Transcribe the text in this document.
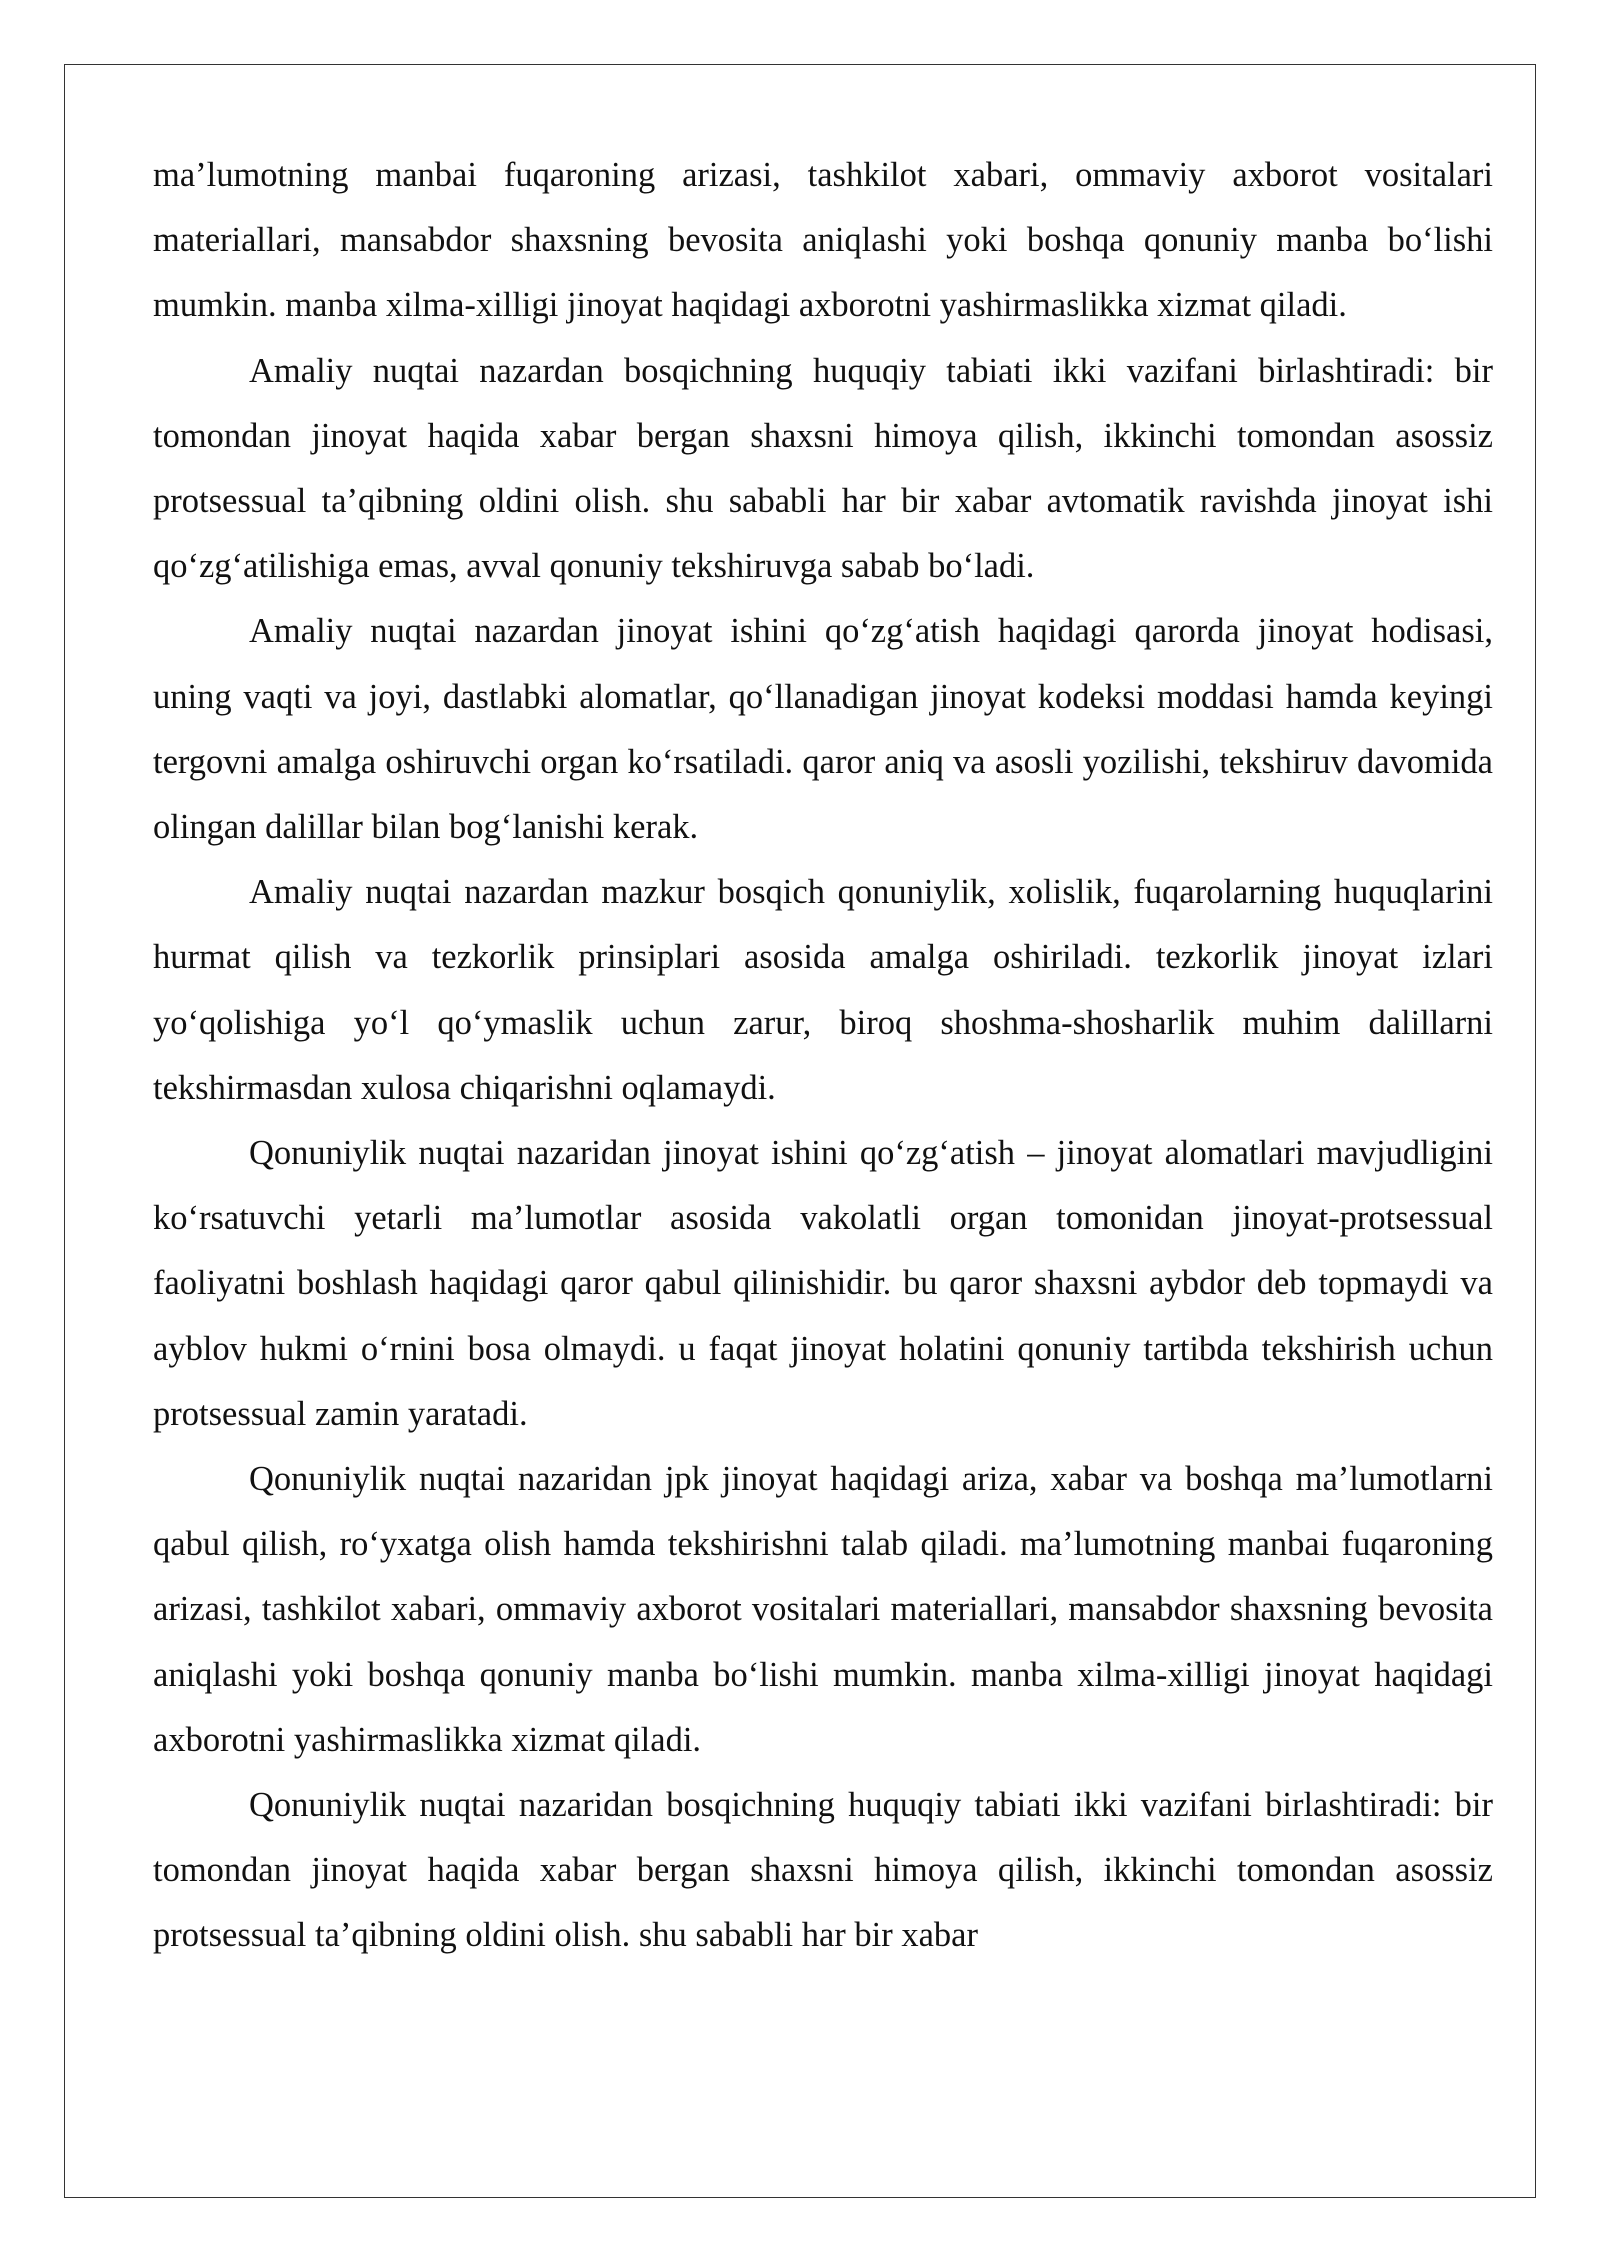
ma’lumotning manbai fuqaroning arizasi, tashkilot xabari, ommaviy axborot vositalari materiallari, mansabdor shaxsning bevosita aniqlashi yoki boshqa qonuniy manba bo‘lishi mumkin. manba xilma-xilligi jinoyat haqidagi axborotni yashirmaslikka xizmat qiladi.

Amaliy nuqtai nazardan bosqichning huquqiy tabiati ikki vazifani birlashtiradi: bir tomondan jinoyat haqida xabar bergan shaxsni himoya qilish, ikkinchi tomondan asossiz protsessual ta’qibning oldini olish. shu sababli har bir xabar avtomatik ravishda jinoyat ishi qo‘zg‘atilishiga emas, avval qonuniy tekshiruvga sabab bo‘ladi.

Amaliy nuqtai nazardan jinoyat ishini qo‘zg‘atish haqidagi qarorda jinoyat hodisasi, uning vaqti va joyi, dastlabki alomatlar, qo‘llanadigan jinoyat kodeksi moddasi hamda keyingi tergovni amalga oshiruvchi organ ko‘rsatiladi. qaror aniq va asosli yozilishi, tekshiruv davomida olingan dalillar bilan bog‘lanishi kerak.

Amaliy nuqtai nazardan mazkur bosqich qonuniylik, xolislik, fuqarolarning huquqlarini hurmat qilish va tezkorlik prinsiplari asosida amalga oshiriladi. tezkorlik jinoyat izlari yo‘qolishiga yo‘l qo‘ymaslik uchun zarur, biroq shoshma-shosharlik muhim dalillarni tekshirmasdan xulosa chiqarishni oqlamaydi.

Qonuniylik nuqtai nazaridan jinoyat ishini qo‘zg‘atish – jinoyat alomatlari mavjudligini ko‘rsatuvchi yetarli ma’lumotlar asosida vakolatli organ tomonidan jinoyat-protsessual faoliyatni boshlash haqidagi qaror qabul qilinishidir. bu qaror shaxsni aybdor deb topmaydi va ayblov hukmi o‘rnini bosa olmaydi. u faqat jinoyat holatini qonuniy tartibda tekshirish uchun protsessual zamin yaratadi.

Qonuniylik nuqtai nazaridan jpk jinoyat haqidagi ariza, xabar va boshqa ma’lumotlarni qabul qilish, ro‘yxatga olish hamda tekshirishni talab qiladi. ma’lumotning manbai fuqaroning arizasi, tashkilot xabari, ommaviy axborot vositalari materiallari, mansabdor shaxsning bevosita aniqlashi yoki boshqa qonuniy manba bo‘lishi mumkin. manba xilma-xilligi jinoyat haqidagi axborotni yashirmaslikka xizmat qiladi.

Qonuniylik nuqtai nazaridan bosqichning huquqiy tabiati ikki vazifani birlashtiradi: bir tomondan jinoyat haqida xabar bergan shaxsni himoya qilish, ikkinchi tomondan asossiz protsessual ta’qibning oldini olish. shu sababli har bir xabar
